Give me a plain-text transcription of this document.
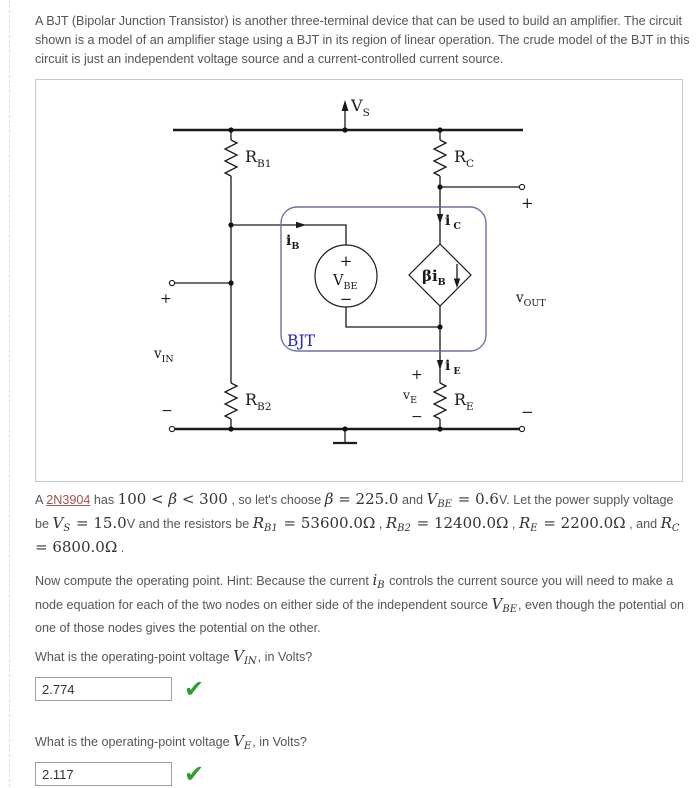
A BJT (Bipolar Junction Transistor) is another three-terminal device that can be used to build an amplifier. The circuit shown is a model of an amplifier stage using a BJT in its region of linear operation. The crude model of the BJT in this circuit is just an independent voltage source and a current-controlled current source.

$V_S$
$R_{B1}$
$R_{B2}$
$R_C$
i $_C$
$\beta i_B$
i $_E$
$R_E$
$i_B$
+
$V_{BE}$
−
+
$v_{IN}$
−
+
$v_E$
−
+
$v_{OUT}$
−
BJT

A 2N3904 has 100 < β < 300 , so let's choose β = 225.0 and $V_{BE} = 0.6V$. Let the power supply voltage be $V_S = 15.0V$ and the resistors be $R_{B1} = 53600.0\Omega$ , $R_{B2} = 12400.0\Omega$ , $R_E = 2200.0\Omega$ , and $R_C = 6800.0\Omega$ .

Now compute the operating point. Hint: Because the current $i_B$ controls the current source you will need to make a node equation for each of the two nodes on either side of the independent source $V_{BE}$, even though the potential on one of those nodes gives the potential on the other.

What is the operating-point voltage $V_{IN}$, in Volts?

2.774
✔

What is the operating-point voltage $V_E$, in Volts?

2.117
✔
